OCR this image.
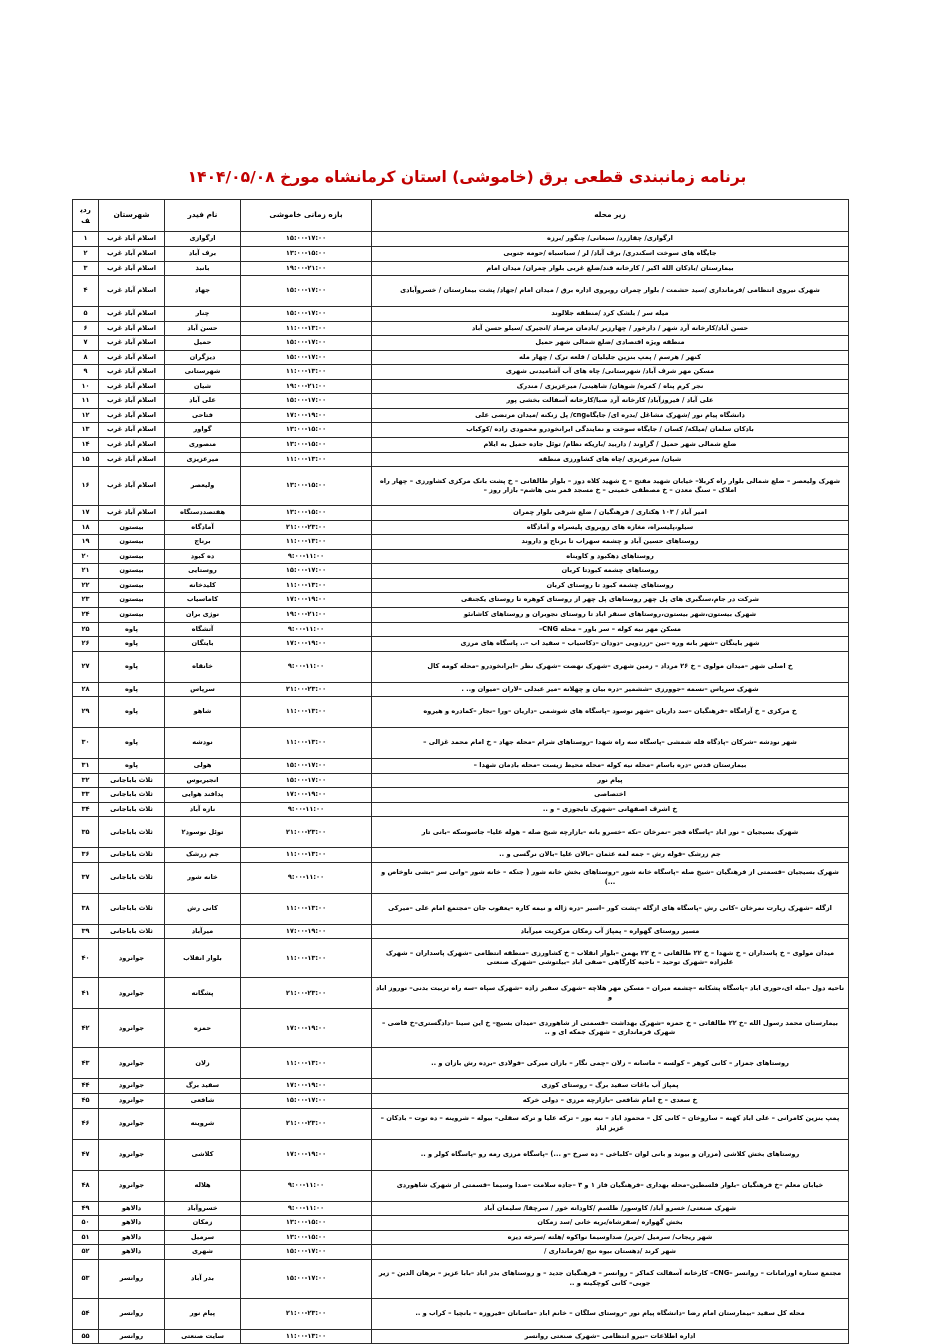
برنامه زمانبندی قطعی برق (خاموشی) استان کرمانشاه مورخ ۱۴۰۴/۰۵/۰۸
زیر محله	بازه زمانی خاموشی	نام فیدر	شهرستان	ردیف
ارگوازی/ چقازرد/ سبعانی/ چنگور /برزه	۱۵:۰۰-۱۷:۰۰	ارگوازی	اسلام آباد غرب	۱
جایگاه های سوخت اسکندری/ برف آباد/ لر / سباسباه /حومه جنوبی	۱۳:۰۰-۱۵:۰۰	برف آباد	اسلام آباد غرب	۲
بیمارستان /بادکان الله اکبر / کارخانه قند/ضلع غربی بلوار چمران/ میدان امام	۱۹:۰۰-۲۱:۰۰	بانبذ	اسلام آباد غرب	۳
شهرک نیروی انتظامی /فرمانداری /سید حشمت / بلوار چمران روبروی اداره برق / میدان امام /جهاد/ پشت بیمارستان / خسروآبادی	۱۵:۰۰-۱۷:۰۰	جهاد	اسلام آباد غرب	۴
میله سر / بلشک کرد /منطقه جلالوند	۱۵:۰۰-۱۷:۰۰	چنار	اسلام آباد غرب	۵
حسن آباد/کارخانه آرد شهر / دارخور / چهارزبر /بادمان مرصاد /انجیرک /سیلو حسن آباد	۱۱:۰۰-۱۳:۰۰	حسن آباد	اسلام آباد غرب	۶
منطقه ویژه اقتصادی /ضلع شمالی شهر حمیل	۱۵:۰۰-۱۷:۰۰	حمیل	اسلام آباد غرب	۷
کنهر / هرسم / پمپ بنزین جلیلیان / قلعه ترک / چهار مله	۱۵:۰۰-۱۷:۰۰	دیزگران	اسلام آباد غرب	۸
مسکن مهر شرف آباد/ شهرستانی/ چاه های آب آشامیدنی شهری	۱۱:۰۰-۱۳:۰۰	شهرستانی	اسلام آباد غرب	۹
نجر کرم پناه / کمره/ شوهان/ شاهینی/ میرعزیزی / مندرک	۱۹:۰۰-۲۱:۰۰	شیان	اسلام آباد غرب	۱۰
علی آباد / فیروزآباد/ کارخانه آرد صبا/کارخانه آسفالت بخشی پور	۱۵:۰۰-۱۷:۰۰	علی آباد	اسلام آباد غرب	۱۱
دانشگاه پیام نور /شهرک مشاغل /بدره ای/ جایگاهcng/ پل زنکنه /میدان مرتضی علی	۱۷:۰۰-۱۹:۰۰	فتاحی	اسلام آباد غرب	۱۲
بادکان سلمان /میلکه/ کسان / جایگاه سوخت و نمایندگی ایرانخودرو محمودی زاده /کوکباب	۱۳:۰۰-۱۵:۰۰	گواور	اسلام آباد غرب	۱۳
ضلع شمالی شهر حمیل / گراوند / داربید /باریکه نظام/ توئل جاده حمیل به ایلام	۱۳:۰۰-۱۵:۰۰	منصوری	اسلام آباد غرب	۱۴
شیان/ میرعزیزی /چاه های کشاورزی منطقه	۱۱:۰۰-۱۳:۰۰	میرعزیزی	اسلام آباد غرب	۱۵
شهرک ولیعصر – ضلع شمالی بلوار راه کربلا– خیابان شهید مفتح – خ شهید کلاه دوز – بلوار طالقانی – خ پشت بانک مرکزی کشاورزی – چهار راه املاک – سنگ معدن – خ مصطفی خمینی – خ مسجد قمر بنی هاشم– بازار روز –	۱۳:۰۰-۱۵:۰۰	ولیعصر	اسلام آباد غرب	۱۶
امیر آباد / ۱۰۳ هکتاری / فرهنگیان / ضلع شرقی بلوار چمران	۱۳:۰۰-۱۵:۰۰	هفتصددستگاه	اسلام آباد غرب	۱۷
سیلو،پلیسراه، مغازه های روبروی پلیسراه و آمادگاه	۲۱:۰۰-۲۳:۰۰	آمادگاه	بیستون	۱۸
روستاهای حسین آباد و چشمه سهراب تا برناج و داروند	۱۱:۰۰-۱۳:۰۰	برناج	بیستون	۱۹
روستاهای دهکبود و کاویناه	۹:۰۰-۱۱:۰۰	ده کبود	بیستون	۲۰
روستاهای چشمه کبودتا کربان	۱۵:۰۰-۱۷:۰۰	روستایی	بیستون	۲۱
روستاهای چشمه کبود تا روستای کربان	۱۱:۰۰-۱۳:۰۰	کلیدخانه	بیستون	۲۲
شرکت در جام،سنگبری های پل چهر روستاهای پل چهر از روستای کوهره تا روستای یکجنفی	۱۷:۰۰-۱۹:۰۰	کاماسیاب	بیستون	۲۳
شهرک بیستون،شهر بیستون،روستاهای سنقر اباد تا روستای نجوبران و روستاهای کاشانئو	۱۹:۰۰-۲۱:۰۰	نوژی بران	بیستون	۲۴
مسکن مهر نیه کوله – سر باور – محله CNG–	۹:۰۰-۱۱:۰۰	آتشگاه	پاوه	۲۵
شهر باینگان –شهر بانه وره –تین –زردویی –دودان –دکاسیاب – سفید اب –.. پاسگاه های مرزی	۱۷:۰۰-۱۹:۰۰	بایتگان	پاوه	۲۶
خ اصلی شهر –میدان مولوی – خ ۲۶ مرداد – زمین شهری –شهرک نهضت –شهرک نظر –ایرانخودرو –محله کومه کال	۹:۰۰-۱۱:۰۰	خانقاه	پاوه	۲۷
شهرک سرپاس –نسمه –جوورزی –ششمیر –دره بیان و چهلانه –میر عبدلی –لاران –میوان و.. .	۲۱:۰۰-۲۳:۰۰	سرپاس	پاوه	۲۸
خ مرکزی – خ آرامگاه –فرهنگیان –سد داریان –شهر نوسود –پاسگاه های شوشمی –داریان –ورا –نجار –کمادره و هیروه	۱۱:۰۰-۱۳:۰۰	شاهو	پاوه	۲۹
شهر نودشه –شرکان –پادگاه قله شمشی –پاسگاه سه راه شهدا –روستاهای شرام –محله جهاد – خ امام محمد غزالی –	۱۱:۰۰-۱۳:۰۰	نودشه	پاوه	۳۰
بیمارستان قدس –دره باسام –محله نیه کوله –محله محیط زیست –محله بادمان شهدا –	۱۵:۰۰-۱۷:۰۰	هولی	پاوه	۳۱
پیام نور	۱۵:۰۰-۱۷:۰۰	انجیربوس	ثلاث باباجانی	۳۲
اختصاصی	۱۷:۰۰-۱۹:۰۰	پدافند هوایی	ثلاث باباجانی	۳۳
خ اشرف اصفهانی –شهرک تایجوزی – و ..	۹:۰۰-۱۱:۰۰	نازه آباد	ثلاث باباجانی	۳۴
شهرک بسیجیان – نور اباد –پاسگاه قجر –نمرخان –نکه –خسرو بانه –بازارچه شیخ صله – هوله علیا– جاسوسکه –بانی تار	۲۱:۰۰-۲۳:۰۰	توئل نوسود۲	ثلاث باباجانی	۳۵
جم زرشک –قوله رش – جمه لمه عثمان –بالان علیا –بالان نرگسی و ..	۱۱:۰۰-۱۳:۰۰	جم زرشک	ثلاث باباجانی	۳۶
شهرک بسیجیان –قسمتی از فرهنگیان –شیخ صله –پاسگاه خانه شور –روستاهای بخش خانه شور ( جنکه – خانه شور –وانی سر –بشی ناوخاص و ...)	۹:۰۰-۱۱:۰۰	خانه شور	ثلاث باباجانی	۳۷
ازگله –شهرک زیارت نمرخان –کانی رش –پاسگاه های ازگله –پشت کور –اسیر –دره ژاله و نیمه کاره –یعقوب جان –مجتمع امام علی –میرکی	۱۱:۰۰-۱۳:۰۰	کانی رش	ثلاث باباجانی	۳۸
مسیر روستای گهواره – پمپاژ آب زمکان مرکزیت میرآباد	۱۷:۰۰-۱۹:۰۰	میرآباد	ثلاث باباجانی	۳۹
میدان مولوی – خ پاسداران – خ شهدا – خ ۲۲ طالقانی – خ ۲۲ بهمن –بلوار انقلاب – خ کشاورزی –منطقه انتظامی –شهرک پاسداران – شهرک علیزاده –شهرک توحید – ناحیه کارگاهی –صفی اباد –بیلتوشی –شهرک صنعتی	۱۱:۰۰-۱۳:۰۰	بلوار انقلاب	جوانرود	۴۰
ناحیه دول –بیله ای،حوری اباد –پاسگاه پشکانه –چشمه میران – مسکن مهر هلاچه –شهرک سفیر زاده –شهرک سپاه –سه راه تربیت بدنی– نوروز اباد و	۲۱:۰۰-۲۳:۰۰	پشگانه	جوانرود	۴۱
بیمارستان محمد رسول الله –خ ۲۲ طالقانی – خ حمزه –شهرک بهداشت –قسمتی از شاهوردی –میدان بسیج– خ این سینا –دادگستری–خ قاضی –شهرک فرمانداری – شهرک جمکه ای و ..	۱۷:۰۰-۱۹:۰۰	حمزه	جوانرود	۴۲
روستاهای جمزار – کانی کوهر – کولسه – ماسانه – زلان –چمی نگار – بازان میرکی –فولادی –برده رش بازان و ..	۱۱:۰۰-۱۳:۰۰	زلان	جوانرود	۴۳
پمپاژ آب باغات سفید برگ – روستای کوزی	۱۷:۰۰-۱۹:۰۰	سفید برگ	جوانرود	۴۴
خ سعدی – خ امام شافعی –بازارچه مرزی – دولی خرکه	۱۵:۰۰-۱۷:۰۰	شافعی	جوانرود	۴۵
پمپ بنزین کامرانی – علی اباد کهنه – ساروخان – کانی کل – محمود اباد – نبه بور – ترکه علیا و ترکه سفلی– بیوله – شروینه – ده توت – بادکان –عزیز اباد	۲۱:۰۰-۲۳:۰۰	شروینه	جوانرود	۴۶
روستاهای بخش کلاشی (مزران و بیوند و بانی لوان –کلباخی – ده سرخ –و ...) –پاسگاه مرزی رمه رو –پاسگاه کولر و ..	۱۷:۰۰-۱۹:۰۰	کلاشی	جوانرود	۴۷
خیابان معلم –خ فرهنگیان –بلوار فلسطین–محله بهداری –فرهنگیان فاز ۱ و ۳ –جاده سلامت –صدا وسیما –قسمتی از شهرک شاهوردی	۹:۰۰-۱۱:۰۰	هلاله	جوانرود	۴۸
شهرک صنعتی/ خسرو آباد/ کاوسور/ طلسم /کاودانه خور / سرچقا/ سلیمان آباد	۹:۰۰-۱۱:۰۰	خسروآباد	دالاهو	۴۹
بخش گهواره /صفرشاه/بریه خانی /سد زمکان	۱۳:۰۰-۱۵:۰۰	زمکان	دالاهو	۵۰
شهر ریجاب/ سرمیل /حربر/ صداوسیما نواکوه /هلته /سرخه دیزه	۱۳:۰۰-۱۵:۰۰	سرمیل	دالاهو	۵۱
شهر کرند /دهستان بیوه نیج /فرمانداری /	۱۵:۰۰-۱۷:۰۰	شهری	دالاهو	۵۲
مجتمع ستاره اورامانات – روانسر –CNG– کارخانه آسفالت کماکر – روانسر – فرهنگیان جدید – و روستاهای بدر اباد –بابا عزیز – برهان الدین – زیر جوبی– کانی کوچکینه و ..	۱۵:۰۰-۱۷:۰۰	بدر آباد	روانسر	۵۳
محله کل سفید –بیمارستان امام رضا –دانشگاه پیام نور –روستای سلگان – خانم اباد –ماسانان –فیروزه – بانچیا – کراب و ..	۲۱:۰۰-۲۳:۰۰	پیام نور	روانسر	۵۴
اداره اطلاعات –نیرو انتظامی –شهرک صنعتی روانسر	۱۱:۰۰-۱۳:۰۰	سایت صنعتی	روانسر	۵۵
